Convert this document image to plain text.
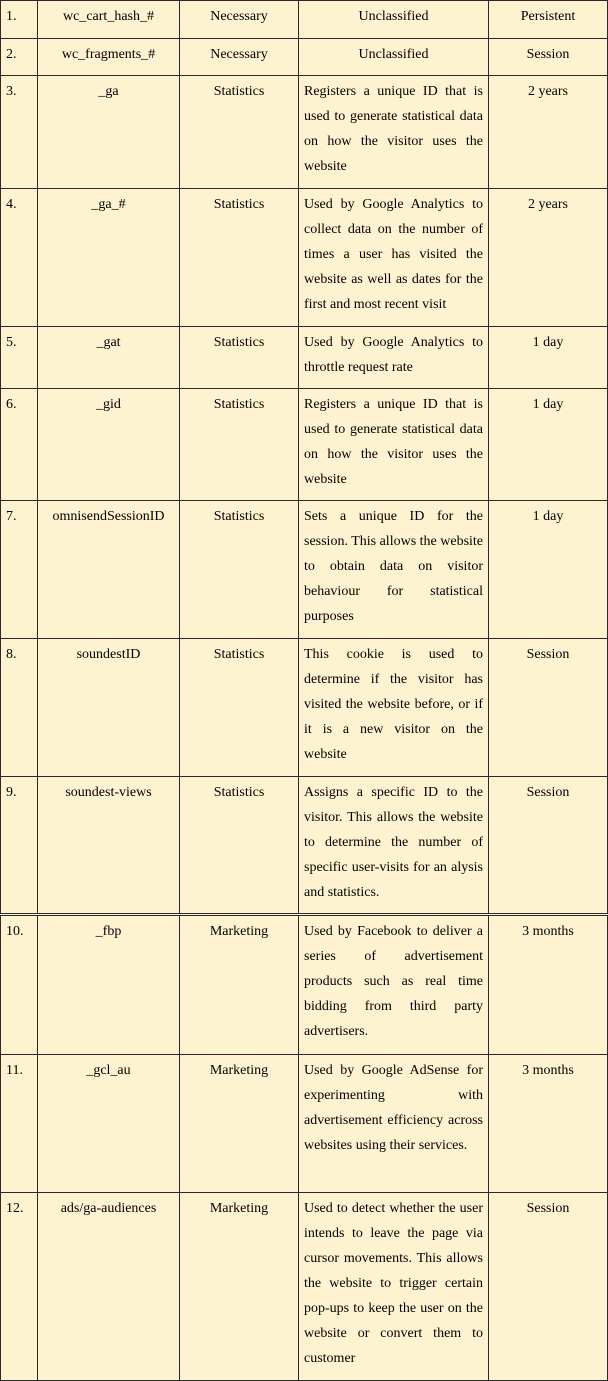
1.	wc_cart_hash_#	Necessary	Unclassified	Persistent
2.	wc_fragments_#	Necessary	Unclassified	Session
3.	_ga	Statistics	Registers a unique ID that is used to generate statistical data on how the visitor uses the website	2 years
4.	_ga_#	Statistics	Used by Google Analytics to collect data on the number of times a user has visited the website as well as dates for the first and most recent visit	2 years
5.	_gat	Statistics	Used by Google Analytics to throttle request rate	1 day
6.	_gid	Statistics	Registers a unique ID that is used to generate statistical data on how the visitor uses the website	1 day
7.	omnisendSessionID	Statistics	Sets a unique ID for the session. This allows the website to obtain data on visitor behaviour for statistical purposes	1 day
8.	soundestID	Statistics	This cookie is used to determine if the visitor has visited the website before, or if it is a new visitor on the website	Session
9.	soundest-views	Statistics	Assigns a specific ID to the visitor. This allows the website to determine the number of specific user-visits for an alysis and statistics.	Session
10.	_fbp	Marketing	Used by Facebook to deliver a series of advertisement products such as real time bidding from third party advertisers.	3 months
11.	_gcl_au	Marketing	Used by Google AdSense for experimenting with advertisement efficiency across websites using their services.	3 months
12.	ads/ga-audiences	Marketing	Used to detect whether the user intends to leave the page via cursor movements. This allows the website to trigger certain pop-ups to keep the user on the website or convert them to customer	Session
